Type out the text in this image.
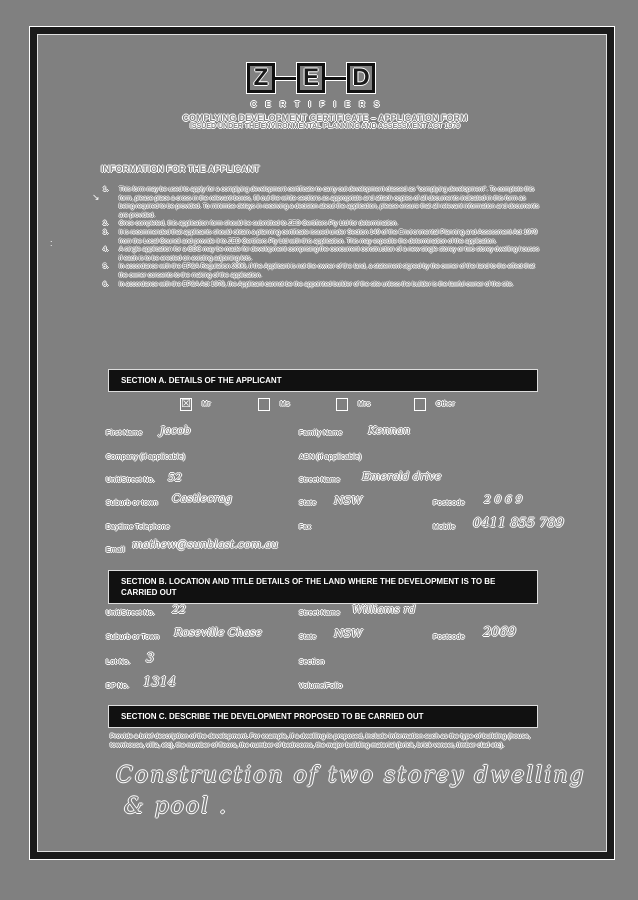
Z E D
CERTIFIERS
COMPLYING DEVELOPMENT CERTIFICATE – APPLICATION FORM
ISSUED UNDER THE ENVIRONMENTAL PLANNING AND ASSESSMENT ACT 1979
INFORMATION FOR THE APPLICANT
1. This form may be used to apply for a complying development certificate to carry out development classed as "complying development". To complete this form, please place a cross in the relevant boxes, fill out the white sections as appropriate and attach copies of all documents indicated in this form as being required to be provided. To minimise delays in receiving a decision about the application, please ensure that all relevant information and documents are provided.
2. Once completed, this application form should be submitted to ZED Certifiers Pty Ltd for determination.
3. It is recommended that applicants should obtain a planning certificate issued under Section 149 of the Environmental Planning and Assessment Act 1979 from the Local Council and provide it to ZED Certifiers Pty Ltd with this application. This may expedite the determination of the application.
4. A single application for a CDC may be made for development comprising the concurrent construction of a new single storey or two storey dwelling houses if each is to be erected on existing adjoining lots.
5. In accordance with the EP&A Regulation 2000, if the Applicant is not the owner of the land, a statement signed by the owner of the land to the effect that the owner consents to the making of the application.
6. In accordance with the EP&A Act 1979, the Applicant cannot be the appointed builder of the site unless the builder is the lawful owner of the site.
↘
:
SECTION A. DETAILS OF THE APPLICANT
☒ Mr	Ms	Mrs	Other
First Name Jacob	Family Name Kennan
Company (if applicable)	ABN (if applicable)
Unit/Street No. 52	Street Name Emerald drive
Suburb or town Castlecrag	State NSW	Postcode 2 0 6 9
Daytime Telephone	Fax	Mobile 0411 855 789
Email mathew@sunblast.com.au
SECTION B. LOCATION AND TITLE DETAILS OF THE LAND WHERE THE DEVELOPMENT IS TO BE CARRIED OUT
Unit/Street No. 22	Street Name Williams rd
Suburb or Town Roseville Chase	State NSW	Postcode 2069
Lot No. 3	Section
DP No. 1314	Volume/Folio
SECTION C. DESCRIBE THE DEVELOPMENT PROPOSED TO BE CARRIED OUT
Provide a brief description of the development. For example, if a dwelling is proposed, include information such as the type of building (house, townhouse, villa, etc), the number of floors, the number of bedrooms, the major building material (brick, brick veneer, timber clad etc).
Construction of two storey dwelling
& pool .
